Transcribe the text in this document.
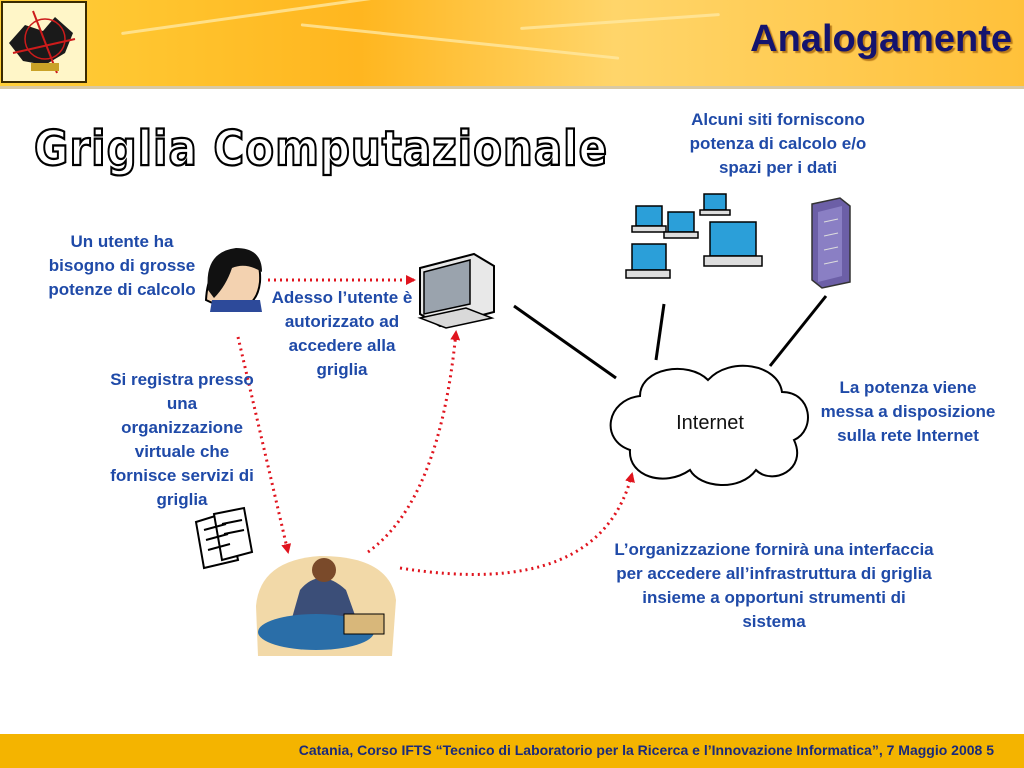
Analogamente
Griglia Computazionale
Un utente ha bisogno di grosse potenze di calcolo	Adesso l’utente è autorizzato ad accedere alla griglia
Si registra presso una organizzazione virtuale che fornisce servizi di griglia
Alcuni siti forniscono potenza di calcolo e/o spazi per i dati
La potenza viene messa a disposizione sulla rete Internet
L’organizzazione fornirà una interfaccia per accedere all’infrastruttura di griglia insieme a opportuni strumenti di sistema
Internet
Catania, Corso IFTS “Tecnico di Laboratorio per la Ricerca e l’Innovazione Informatica”, 7 Maggio 2008 5
